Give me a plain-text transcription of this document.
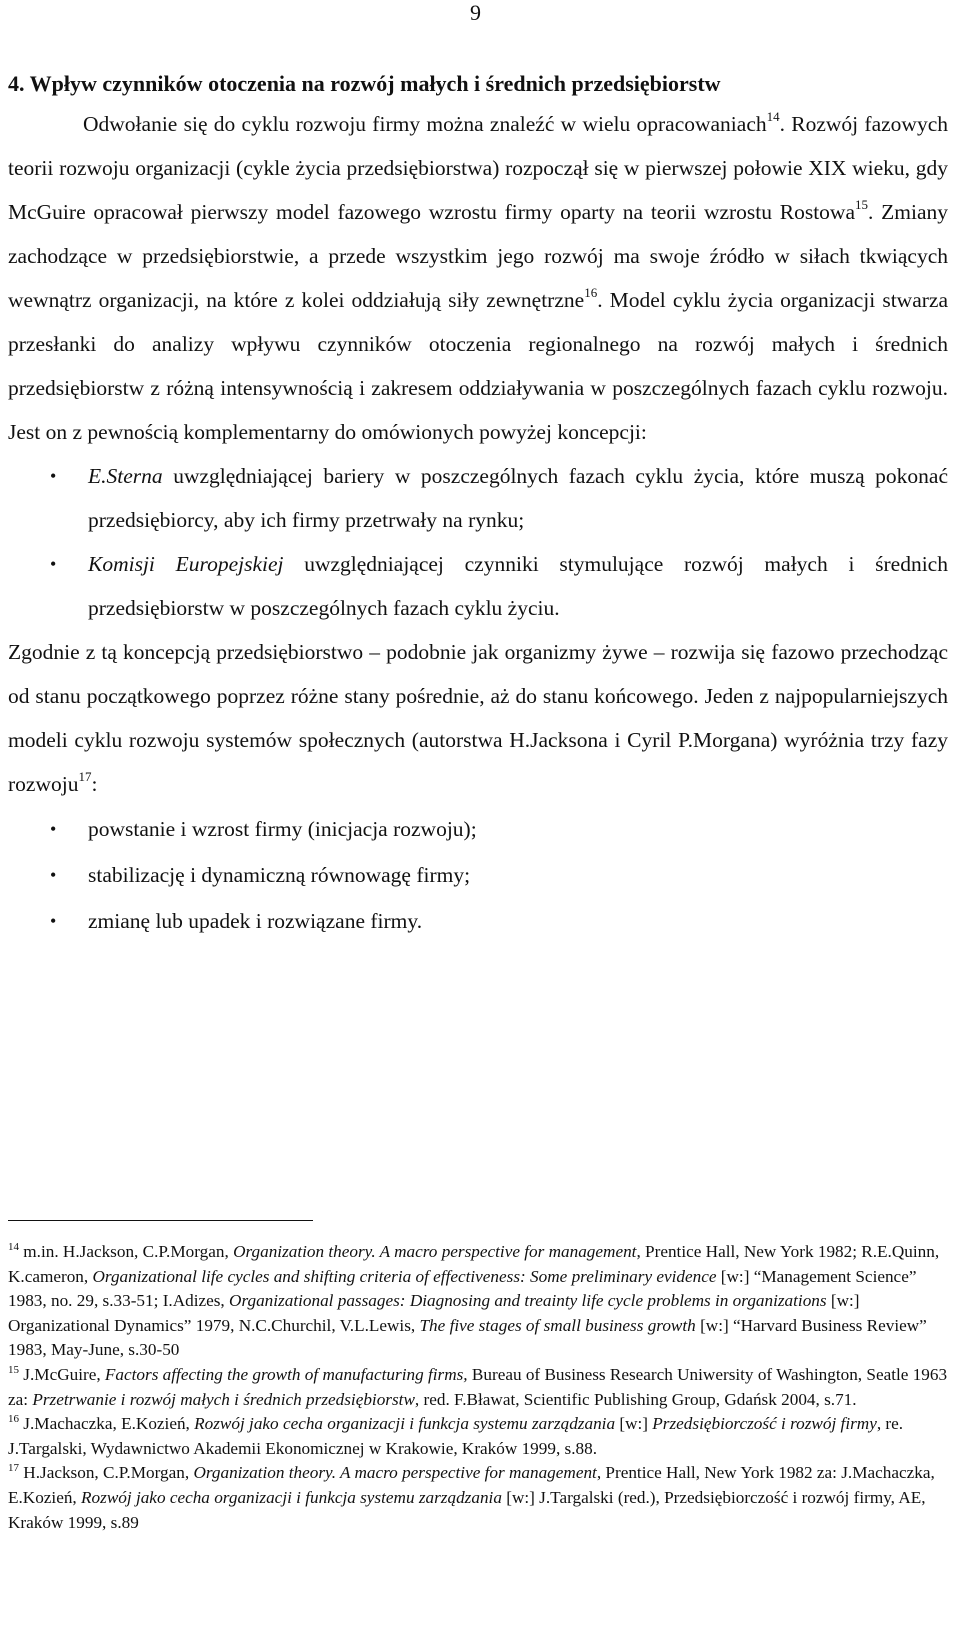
9
4. Wpływ czynników otoczenia na rozwój małych i średnich przedsiębiorstw

Odwołanie się do cyklu rozwoju firmy można znaleźć w wielu opracowaniach$^{14}$. Rozwój fazowych teorii rozwoju organizacji (cykle życia przedsiębiorstwa) rozpoczął się w pierwszej połowie XIX wieku, gdy McGuire opracował pierwszy model fazowego wzrostu firmy oparty na teorii wzrostu Rostowa$^{15}$. Zmiany zachodzące w przedsiębiorstwie, a przede wszystkim jego rozwój ma swoje źródło w siłach tkwiących wewnątrz organizacji, na które z kolei oddziałują siły zewnętrzne$^{16}$. Model cyklu życia organizacji stwarza przesłanki do analizy wpływu czynników otoczenia regionalnego na rozwój małych i średnich przedsiębiorstw z różną intensywnością i zakresem oddziaływania w poszczególnych fazach cyklu rozwoju. Jest on z pewnością komplementarny do omówionych powyżej koncepcji:

• E.Sterna uwzględniającej bariery w poszczególnych fazach cyklu życia, które muszą pokonać przedsiębiorcy, aby ich firmy przetrwały na rynku;
• Komisji Europejskiej uwzględniającej czynniki stymulujące rozwój małych i średnich przedsiębiorstw w poszczególnych fazach cyklu życiu.

Zgodnie z tą koncepcją przedsiębiorstwo – podobnie jak organizmy żywe – rozwija się fazowo przechodząc od stanu początkowego poprzez różne stany pośrednie, aż do stanu końcowego. Jeden z najpopularniejszych modeli cyklu rozwoju systemów społecznych (autorstwa H.Jacksona i Cyril P.Morgana) wyróżnia trzy fazy rozwoju$^{17}$:

• powstanie i wzrost firmy (inicjacja rozwoju);
• stabilizację i dynamiczną równowagę firmy;
• zmianę lub upadek i rozwiązane firmy.

$^{14}$ m.in. H.Jackson, C.P.Morgan, Organization theory. A macro perspective for management, Prentice Hall, New York 1982; R.E.Quinn, K.cameron, Organizational life cycles and shifting criteria of effectiveness: Some preliminary evidence [w:] “Management Science” 1983, no. 29, s.33-51; I.Adizes, Organizational passages: Diagnosing and treainty life cycle problems in organizations [w:] Organizational Dynamics” 1979, N.C.Churchil, V.L.Lewis, The five stages of small business growth [w:] “Harvard Business Review” 1983, May-June, s.30-50

$^{15}$ J.McGuire, Factors affecting the growth of manufacturing firms, Bureau of Business Research Uniwersity of Washington, Seatle 1963 za: Przetrwanie i rozwój małych i średnich przedsiębiorstw, red. F.Bławat, Scientific Publishing Group, Gdańsk 2004, s.71.

$^{16}$ J.Machaczka, E.Kozień, Rozwój jako cecha organizacji i funkcja systemu zarządzania [w:] Przedsiębiorczość i rozwój firmy, re. J.Targalski, Wydawnictwo Akademii Ekonomicznej w Krakowie, Kraków 1999, s.88.

$^{17}$ H.Jackson, C.P.Morgan, Organization theory. A macro perspective for management, Prentice Hall, New York 1982 za: J.Machaczka, E.Kozień, Rozwój jako cecha organizacji i funkcja systemu zarządzania [w:] J.Targalski (red.), Przedsiębiorczość i rozwój firmy, AE, Kraków 1999, s.89
